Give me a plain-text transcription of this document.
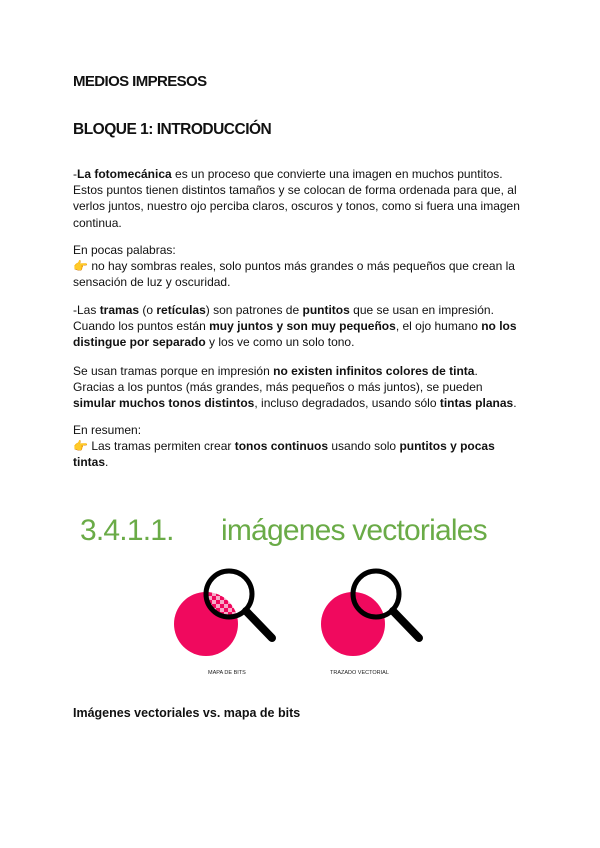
MEDIOS IMPRESOS
BLOQUE 1: INTRODUCCIÓN

-La fotomecánica es un proceso que convierte una imagen en muchos puntitos.
Estos puntos tienen distintos tamaños y se colocan de forma ordenada para que, al verlos juntos, nuestro ojo perciba claros, oscuros y tonos, como si fuera una imagen continua.

En pocas palabras:
👉 no hay sombras reales, solo puntos más grandes o más pequeños que crean la sensación de luz y oscuridad.

-Las tramas (o retículas) son patrones de puntitos que se usan en impresión.
Cuando los puntos están muy juntos y son muy pequeños, el ojo humano no los distingue por separado y los ve como un solo tono.

Se usan tramas porque en impresión no existen infinitos colores de tinta.
Gracias a los puntos (más grandes, más pequeños o más juntos), se pueden simular muchos tonos distintos, incluso degradados, usando sólo tintas planas.

En resumen:
👉 Las tramas permiten crear tonos continuos usando solo puntitos y pocas tintas.

3.4.1.1. imágenes vectoriales
MAPA DE BITS	TRAZADO VECTORIAL
Imágenes vectoriales vs. mapa de bits
